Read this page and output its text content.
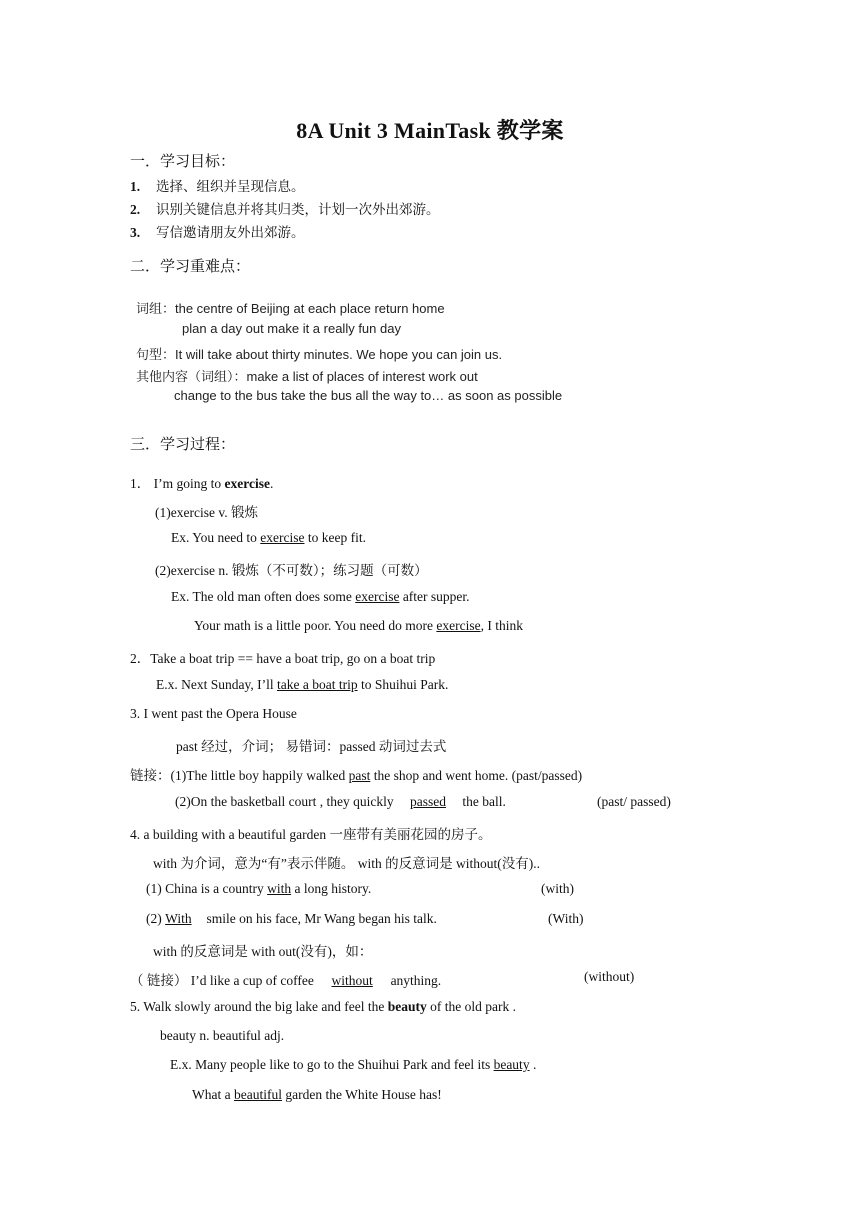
8A Unit 3 MainTask 教学案
一．学习目标：
1. 选择、组织并呈现信息。
2. 识别关键信息并将其归类，计划一次外出郊游。
3. 写信邀请朋友外出郊游。
二．学习重难点：
词组：the centre of Beijing at each place return home
plan a day out make it a really fun day
句型：It will take about thirty minutes. We hope you can join us.
其他内容（词组）：make a list of places of interest work out
change to the bus take the bus all the way to… as soon as possible
三．学习过程：
1． I’m going to exercise.
(1)exercise v. 锻炼
Ex. You need to exercise to keep fit.
(2)exercise n. 锻炼（不可数）；练习题（可数）
Ex. The old man often does some exercise after supper.
Your math is a little poor. You need do more exercise, I think
2．Take a boat trip == have a boat trip, go on a boat trip
E.x. Next Sunday, I’ll take a boat trip to Shuihui Park.
3. I went past the Opera House
past 经过，介词； 易错词：passed 动词过去式
链接：(1)The little boy happily walked past the shop and went home. (past/passed)
(2)On the basketball court , they quickly passed the ball.	(past/ passed)
4. a building with a beautiful garden 一座带有美丽花园的房子。
with 为介词，意为“有”表示伴随。 with 的反意词是 without(没有)..
(1) China is a country with a long history.	(with)
(2) With smile on his face, Mr Wang began his talk.	(With)
with 的反意词是 with out(没有)，如：
（ 链接） I’d like a cup of coffee without anything.	(without)
5. Walk slowly around the big lake and feel the beauty of the old park .
beauty n. beautiful adj.
E.x. Many people like to go to the Shuihui Park and feel its beauty .
What a beautiful garden the White House has!
